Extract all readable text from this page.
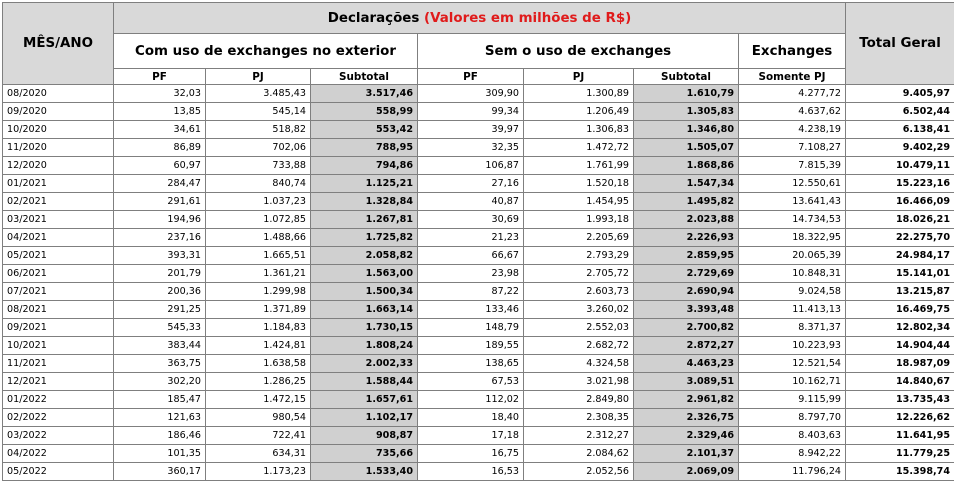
MÊS/ANO	Declarações (Valores em milhões de R$)							Total Geral
	Com uso de exchanges no exterior			Sem o uso de exchanges			Exchanges	
	PF	PJ	Subtotal	PF	PJ	Subtotal	Somente PJ	
08/2020	32,03	3.485,43	3.517,46	309,90	1.300,89	1.610,79	4.277,72	9.405,97
09/2020	13,85	545,14	558,99	99,34	1.206,49	1.305,83	4.637,62	6.502,44
10/2020	34,61	518,82	553,42	39,97	1.306,83	1.346,80	4.238,19	6.138,41
11/2020	86,89	702,06	788,95	32,35	1.472,72	1.505,07	7.108,27	9.402,29
12/2020	60,97	733,88	794,86	106,87	1.761,99	1.868,86	7.815,39	10.479,11
01/2021	284,47	840,74	1.125,21	27,16	1.520,18	1.547,34	12.550,61	15.223,16
02/2021	291,61	1.037,23	1.328,84	40,87	1.454,95	1.495,82	13.641,43	16.466,09
03/2021	194,96	1.072,85	1.267,81	30,69	1.993,18	2.023,88	14.734,53	18.026,21
04/2021	237,16	1.488,66	1.725,82	21,23	2.205,69	2.226,93	18.322,95	22.275,70
05/2021	393,31	1.665,51	2.058,82	66,67	2.793,29	2.859,95	20.065,39	24.984,17
06/2021	201,79	1.361,21	1.563,00	23,98	2.705,72	2.729,69	10.848,31	15.141,01
07/2021	200,36	1.299,98	1.500,34	87,22	2.603,73	2.690,94	9.024,58	13.215,87
08/2021	291,25	1.371,89	1.663,14	133,46	3.260,02	3.393,48	11.413,13	16.469,75
09/2021	545,33	1.184,83	1.730,15	148,79	2.552,03	2.700,82	8.371,37	12.802,34
10/2021	383,44	1.424,81	1.808,24	189,55	2.682,72	2.872,27	10.223,93	14.904,44
11/2021	363,75	1.638,58	2.002,33	138,65	4.324,58	4.463,23	12.521,54	18.987,09
12/2021	302,20	1.286,25	1.588,44	67,53	3.021,98	3.089,51	10.162,71	14.840,67
01/2022	185,47	1.472,15	1.657,61	112,02	2.849,80	2.961,82	9.115,99	13.735,43
02/2022	121,63	980,54	1.102,17	18,40	2.308,35	2.326,75	8.797,70	12.226,62
03/2022	186,46	722,41	908,87	17,18	2.312,27	2.329,46	8.403,63	11.641,95
04/2022	101,35	634,31	735,66	16,75	2.084,62	2.101,37	8.942,22	11.779,25
05/2022	360,17	1.173,23	1.533,40	16,53	2.052,56	2.069,09	11.796,24	15.398,74
